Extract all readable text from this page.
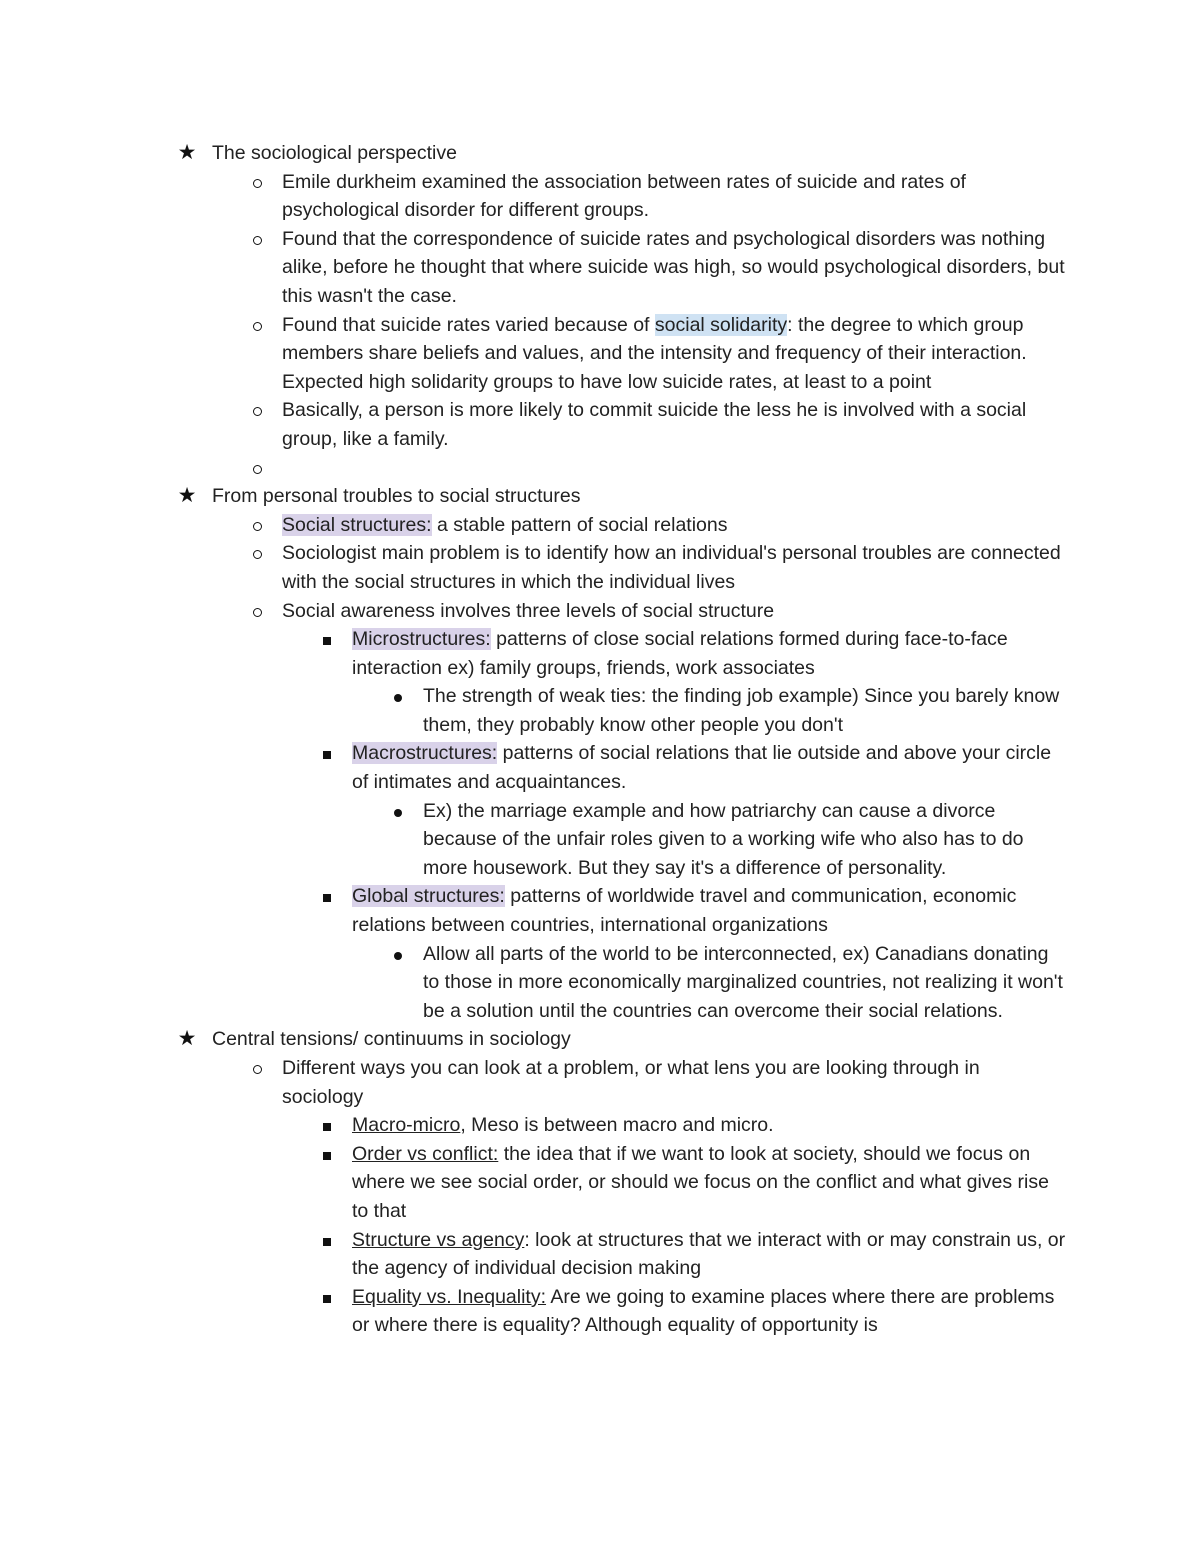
★ The sociological perspective
Emile durkheim examined the association between rates of suicide and rates of psychological disorder for different groups.
Found that the correspondence of suicide rates and psychological disorders was nothing alike, before he thought that where suicide was high, so would psychological disorders, but this wasn't the case.
Found that suicide rates varied because of social solidarity: the degree to which group members share beliefs and values, and the intensity and frequency of their interaction. Expected high solidarity groups to have low suicide rates, at least to a point
Basically, a person is more likely to commit suicide the less he is involved with a social group, like a family.

★ From personal troubles to social structures
Social structures: a stable pattern of social relations
Sociologist main problem is to identify how an individual's personal troubles are connected with the social structures in which the individual lives
Social awareness involves three levels of social structure
Microstructures: patterns of close social relations formed during face-to-face interaction ex) family groups, friends, work associates
The strength of weak ties: the finding job example) Since you barely know them, they probably know other people you don't
Macrostructures: patterns of social relations that lie outside and above your circle of intimates and acquaintances.
Ex) the marriage example and how patriarchy can cause a divorce because of the unfair roles given to a working wife who also has to do more housework. But they say it's a difference of personality.
Global structures: patterns of worldwide travel and communication, economic relations between countries, international organizations
Allow all parts of the world to be interconnected, ex) Canadians donating to those in more economically marginalized countries, not realizing it won't be a solution until the countries can overcome their social relations.
★ Central tensions/ continuums in sociology
Different ways you can look at a problem, or what lens you are looking through in sociology
Macro-micro, Meso is between macro and micro.
Order vs conflict: the idea that if we want to look at society, should we focus on where we see social order, or should we focus on the conflict and what gives rise to that
Structure vs agency: look at structures that we interact with or may constrain us, or the agency of individual decision making
Equality vs. Inequality: Are we going to examine places where there are problems or where there is equality? Although equality of opportunity is
